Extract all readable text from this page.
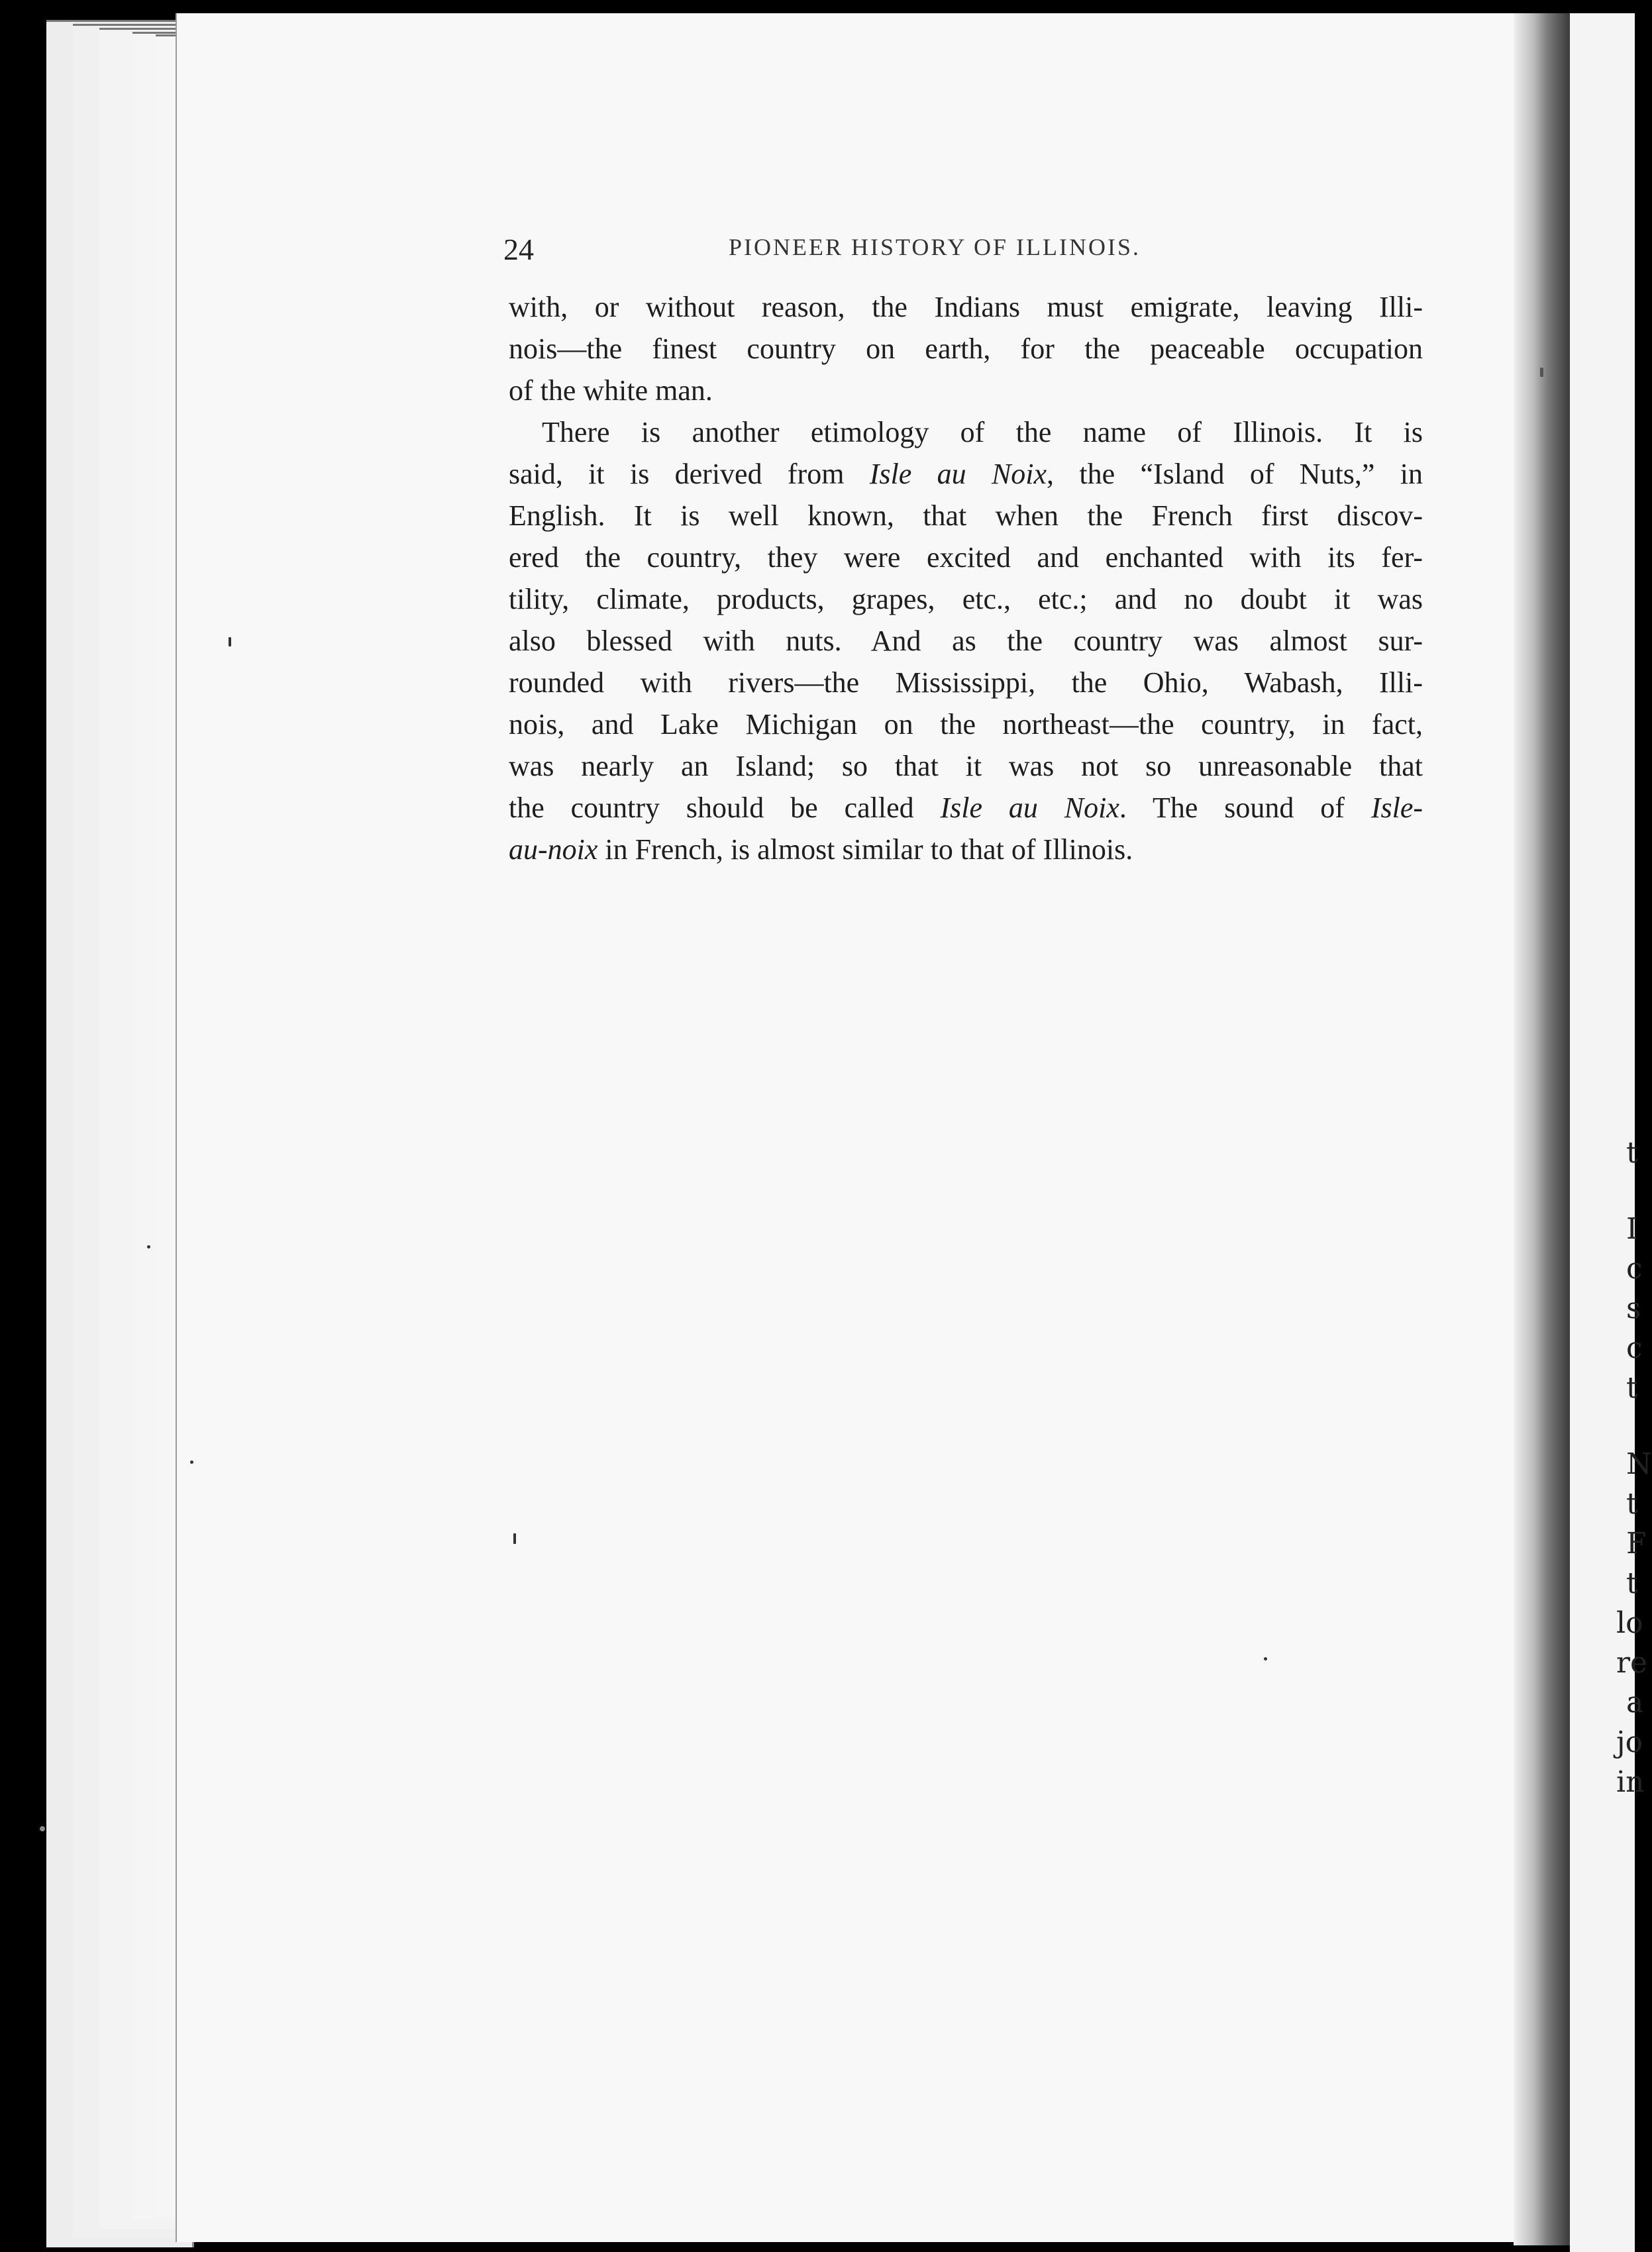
t
I
c
s
c
t
N
t
F
t
lo
re
a
jo
in
24	PIONEER HISTORY OF ILLINOIS.
with, or without reason, the Indians must emigrate, leaving Illi-
nois—the finest country on earth, for the peaceable occupation
of the white man.
There is another etimology of the name of Illinois. It is
said, it is derived from Isle au Noix, the “Island of Nuts,” in
English. It is well known, that when the French first discov-
ered the country, they were excited and enchanted with its fer-
tility, climate, products, grapes, etc., etc.; and no doubt it was
also blessed with nuts. And as the country was almost sur-
rounded with rivers—the Mississippi, the Ohio, Wabash, Illi-
nois, and Lake Michigan on the northeast—the country, in fact,
was nearly an Island; so that it was not so unreasonable that
the country should be called Isle au Noix. The sound of Isle-
au-noix in French, is almost similar to that of Illinois.
